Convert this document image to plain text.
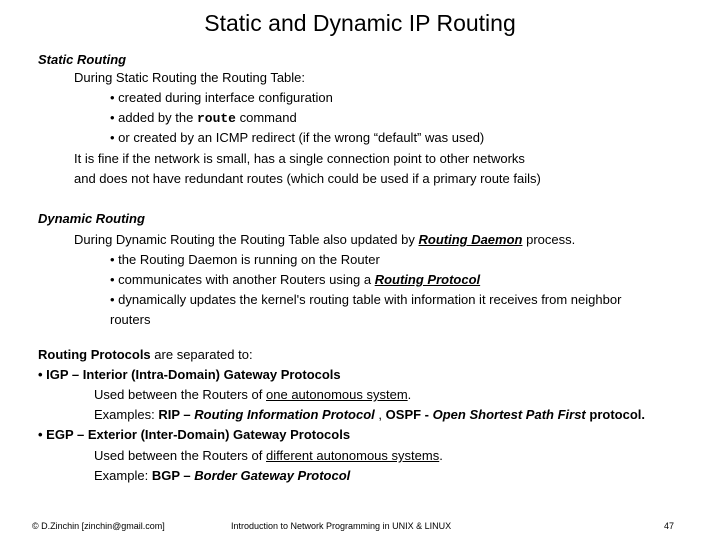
Static and Dynamic IP Routing
Static Routing
During Static Routing the Routing Table:
• created during interface configuration
• added by the route command
• or created by an ICMP redirect (if the wrong “default” was used)
It is fine if the network is small, has a single connection point to other networks
and does not have redundant routes (which could be used if a primary route fails)
Dynamic Routing
During Dynamic Routing the Routing Table also updated by Routing Daemon process.
• the Routing Daemon is running on the Router
• communicates with another Routers using a Routing Protocol
• dynamically updates the kernel's routing table with information it receives from neighbor
routers
Routing Protocols are separated to:
• IGP – Interior (Intra-Domain) Gateway Protocols
Used between the Routers of one autonomous system.
Examples: RIP – Routing Information Protocol , OSPF - Open Shortest Path First protocol.
• EGP – Exterior (Inter-Domain) Gateway Protocols
Used between the Routers of different autonomous systems.
Example: BGP – Border Gateway Protocol
© D.Zinchin [zinchin@gmail.com]	Introduction to Network Programming in UNIX & LINUX	47
